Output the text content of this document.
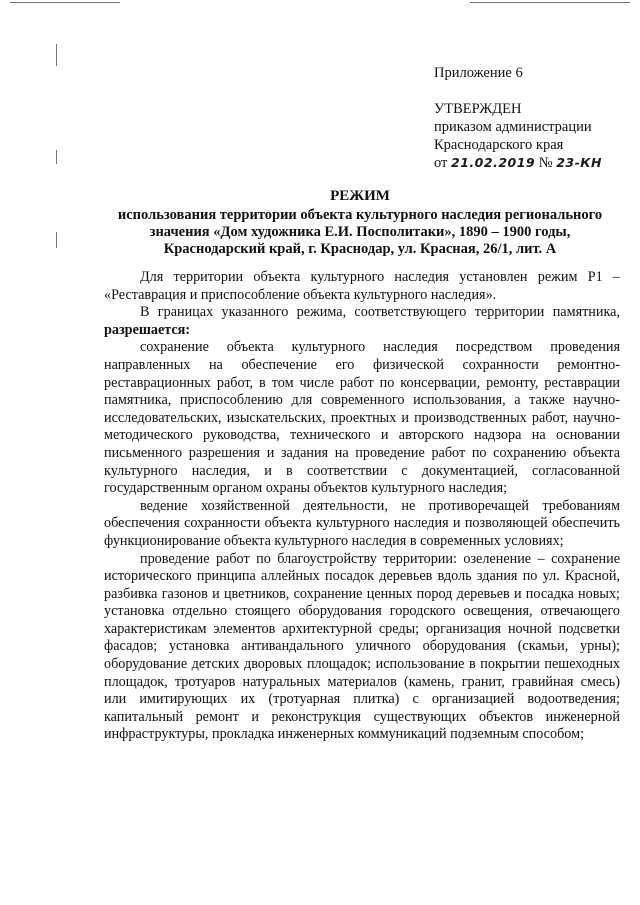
Приложение 6
УТВЕРЖДЕН
приказом администрации
Краснодарского края
от 21.02.2019 № 23-КН
РЕЖИМ
использования территории объекта культурного наследия регионального
значения «Дом художника Е.И. Посполитаки», 1890 – 1900 годы,
Краснодарский край, г. Краснодар, ул. Красная, 26/1, лит. А

Для территории объекта культурного наследия установлен режим Р1 – «Реставрация и приспособление объекта культурного наследия».

В границах указанного режима, соответствующего территории памятника, разрешается:

сохранение объекта культурного наследия посредством проведения направленных на обеспечение его физической сохранности ремонтно-реставрационных работ, в том числе работ по консервации, ремонту, реставрации памятника, приспособлению для современного использования, а также научно-исследовательских, изыскательских, проектных и производственных работ, научно-методического руководства, технического и авторского надзора на основании письменного разрешения и задания на проведение работ по сохранению объекта культурного наследия, и в соответствии с документацией, согласованной государственным органом охраны объектов культурного наследия;

ведение хозяйственной деятельности, не противоречащей требованиям обеспечения сохранности объекта культурного наследия и позволяющей обеспечить функционирование объекта культурного наследия в современных условиях;

проведение работ по благоустройству территории: озеленение – сохранение исторического принципа аллейных посадок деревьев вдоль здания по ул. Красной, разбивка газонов и цветников, сохранение ценных пород деревьев и посадка новых; установка отдельно стоящего оборудования городского освещения, отвечающего характеристикам элементов архитектурной среды; организация ночной подсветки фасадов; установка антивандального уличного оборудования (скамьи, урны); оборудование детских дворовых площадок; использование в покрытии пешеходных площадок, тротуаров натуральных материалов (камень, гранит, гравийная смесь) или имитирующих их (тротуарная плитка) с организацией водоотведения; капитальный ремонт и реконструкция существующих объектов инженерной инфраструктуры, прокладка инженерных коммуникаций подземным способом;
